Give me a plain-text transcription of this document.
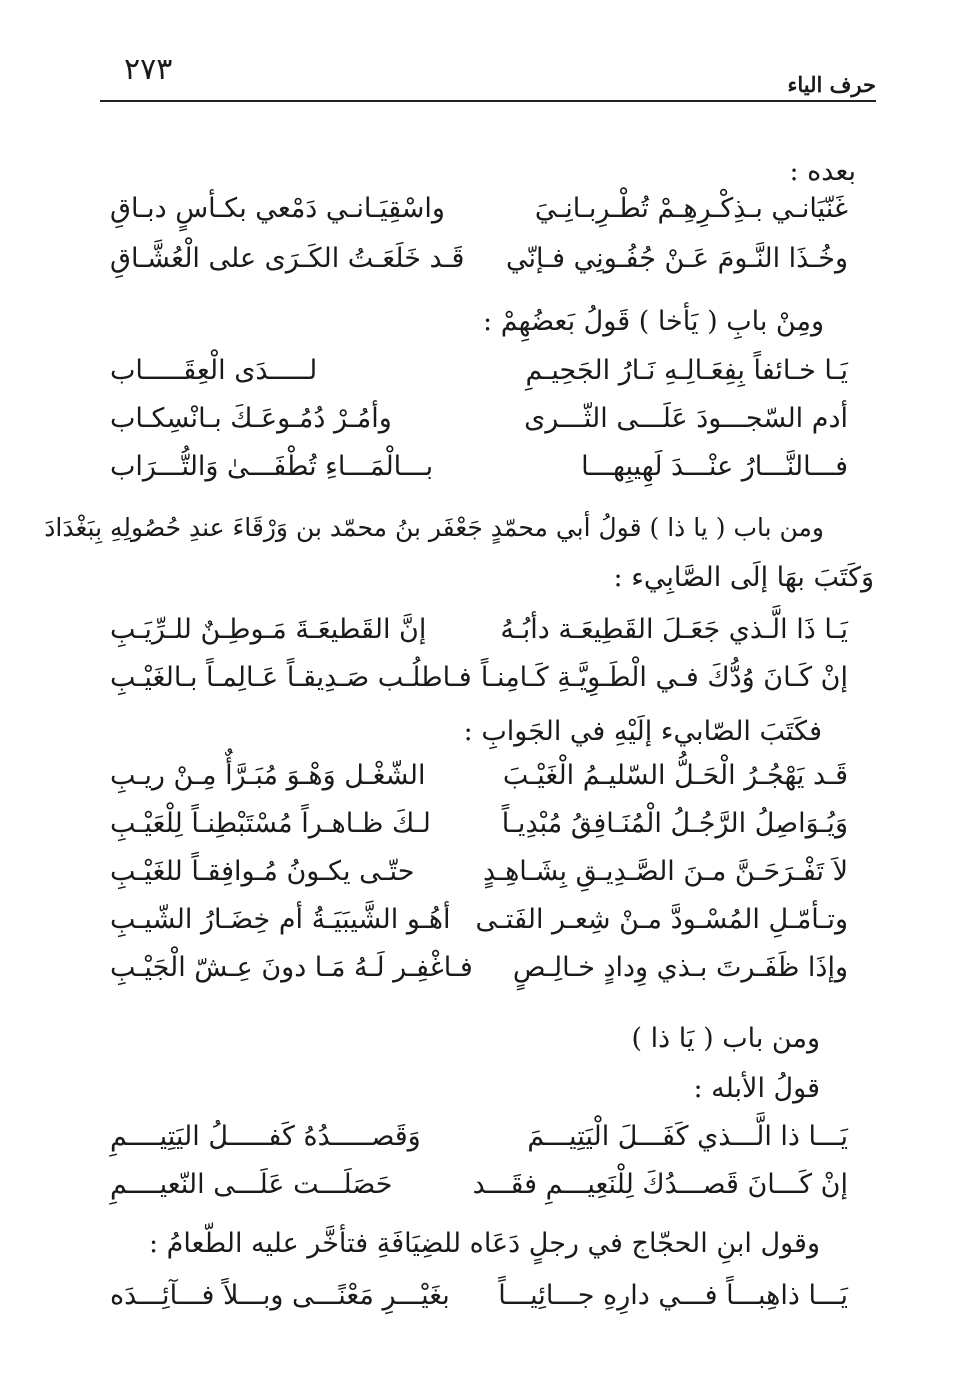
٢٧٣	حرف الياء
بعده :
غَنّيَانـي بـذِكْـرِهِـمْ تُطْـرِبـانِـيَ
واسْقِيَـانـي دَمْعي بكـأسٍ دبـاقِ
وخُـذَا النَّـومَ عَـنْ جُفُـونِي فـإنّي
قَـد خَلَعَـتُ الكَـرَى على الْعُشَّـاقِ
ومِنْ بابِ ( يَأخا ) قَولُ بَعضُهِمْ :
يَـا خـائفاً بِفِعَـالِـهِ نَـارُ الجَحِيـمِ
لـــــدَى الْعِقَـــــاب
أدم السّجـــودَ عَلَـــى الثّـــرى
وأمُـرْ دُمُـوعَـكَ بـانْسِكـاب
فـــالنَّـــارُ عنْـــدَ لَهِيبِهـــا
بـــالْمَـــاءِ تُطْفَـــىٰ وَالتُّـــرَاب
ومن باب ( يا ذا ) قولُ أبي محمّدٍ جَعْفَر بنُ محمّد بن وَرْقَاءَ عندِ حُصُولِهِ بِبَغْدَادَ
وَكَتَبَ بهَا إلَى الصَّابِيء :
يَـا ذَا الَّـذي جَعَـلَ القَطِيعَـة دأبُـهُ
إنَّ القَطيعَـةَ مَـوطِـنٌ للـرِّيَـبِ
إنْ كَـانَ وُدُّكَ فـي الْطَـوِيَّـةِ كَـامِنـاً
فـاطلُـب صَـدِيقـاً عَـالِمـاً بـالغَيْـبِ
فكَتَبَ الصّابيء إلَيْهِ في الجَوابِ :
قَـد يَهْجُـرُ الْحَـلُّ السّليـمُ الْغَيْـبَ
الشّغْـل وَهْـوَ مُبَـرَّأٌ مِـنْ ريـبِ
وَيُـوَاصِلُ الرَّجُـلُ الْمُنَـافِقُ مُبْدِيـاً
لـكَ ظـاهـراً مُسْتَبْطِنـاً لِلْعَيْـبِ
لاَ تَفْـرَحَـنَّ مـنَ الصَّـدِيـقِ بِشَـاهِـدٍ
حتّـى يكـونُ مُـوافِقـاً للغَيْـبِ
وتـأمّـلِ المُسْـودَّ مـنْ شِعـر الفَتـى
أهُـو الشَّيبَيَـةُ أم خِضَـارُ الشّيـبِ
وإذَا ظَفَـرتَ بـذي وِدادٍ خـالِـصٍ
فـاغْفِـر لَـهُ مَـا دونَ عِـشّ الْجَيْـبِ
ومن باب ( يَا ذا )
قولُ الأبله :
يَـــا ذا الَّـــذي كَفَـــلَ الْيَتِيـــمَ
وَقَصـــــدُهُ كَفـــــلُ اليَتِيــــمِ
إنْ كَـــانَ قَصـــدُكَ لِلْنَعِيـــمِ فقَـــد
حَصَلَـــت عَلَـــى النّعيــــمِ
وقول ابنِ الحجّاج في رجلٍ دَعَاه للضِيَافَةِ فتأخَّر عليه الطّعامُ :
يَـــا ذاهِبـــاً فـــي دارِهِ جـــائِيـــاً
بغَيْـــرِ مَعْنًـــى وبـــلاً فـــآئِـــدَه
